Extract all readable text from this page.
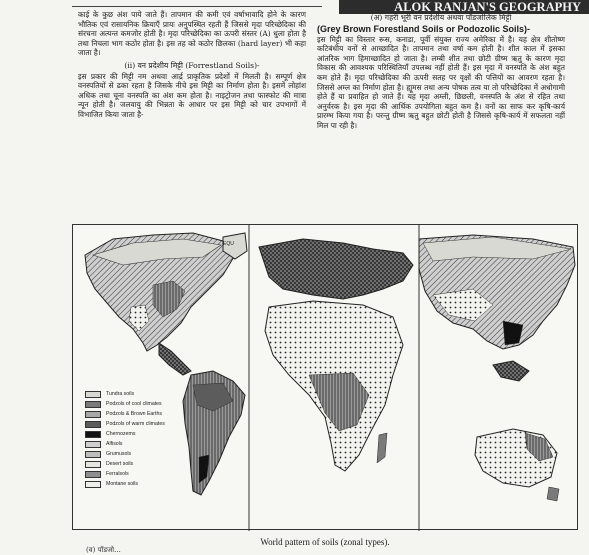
ALOK RANJAN'S GEOGRAPHY

काई के कुछ अंश पाये जाते हैं। तापमान की कमी एवं वर्षाभावादि होने के कारण भौतिक एवं रासायनिक क्रियाएँ प्रायः अनुपस्थित रहती हैं जिससे मृदा परिच्छेदिका की संरचना अत्यन्त कमजोर होती है। मृदा परिच्छेदिका का ऊपरी संस्तर (A) धुला होता है तथा निचला भाग कठोर होता है। इस तह को कठोर छिलका (hard layer) भी कहा जाता है।

(ii) वन प्रदेशीय मिट्टी (Forrestland Soils)-

इस प्रकार की मिट्टी नम अथवा आर्द्र प्राकृतिक प्रदेशों में मिलती है। सम्पूर्ण क्षेत्र वनस्पतियों से ढका रहता है जिसके नीचे इस मिट्टी का निर्माण होता है। इसमें लोहांश अधिक तथा चूना वनस्पति का अंश कम होता है। नाइट्रोजन तथा फास्फोट की मात्रा न्यून होती है। जलवायु की भिन्नता के आधार पर इस मिट्टी को चार उपभागों में विभाजित किया जाता है-

(अ) गहरी भूरी वन प्रदेशीय अथवा पॉडजोलिक मिट्टी

(Grey Brown Forestland Soils or Podozolic Soils)-

इस मिट्टी का विस्तार रूस, कनाडा, पूर्वी संयुक्त राज्य अमेरिका में है। यह क्षेत्र शीतोष्ण कटिबंधीय वनों से आच्छादित है। तापमान तथा वर्षा कम होती है। शीत काल में इसका आंतरिक भाग हिमाच्छादित हो जाता है। लम्बी शीत तथा छोटी ग्रीष्म ऋतु के कारण मृदा विकास की आवश्यक परिस्थितियाँ उपलब्ध नहीं होती हैं। इस मृदा में वनस्पति के अंश बहुत कम होते हैं। मृदा परिच्छेदिका की ऊपरी सतह पर वृक्षों की पत्तियों का आवरण रहता है। जिससे अम्ल का निर्माण होता है। ह्यूमस तथा अन्य पोषक तत्व या तो परिच्छेदिका में अधोगामी होते हैं या प्रवाहित हो जाते हैं। यह मृदा अम्ली, छिछली, वनस्पति के अंश से रहित तथा अनुर्वरक है। इस मृदा की आर्थिक उपयोगिता बहुत कम है। वनों का साफ कर कृषि-कार्य प्रारम्भ किया गया है। परन्तु ग्रीष्म ऋतु बहुत छोटी होती है जिससे कृषि-कार्य में सफलता नहीं मिल पा रही है।

EQU
Tundra soils
Podzols of cool climates
Podzols & Brown Earths
Podzols of warm climates
Chernozems
Alfisols
Grumusols
Desert soils
Ferralsols
Montane soils
World pattern of soils (zonal types).
(व) पॉडजो...
